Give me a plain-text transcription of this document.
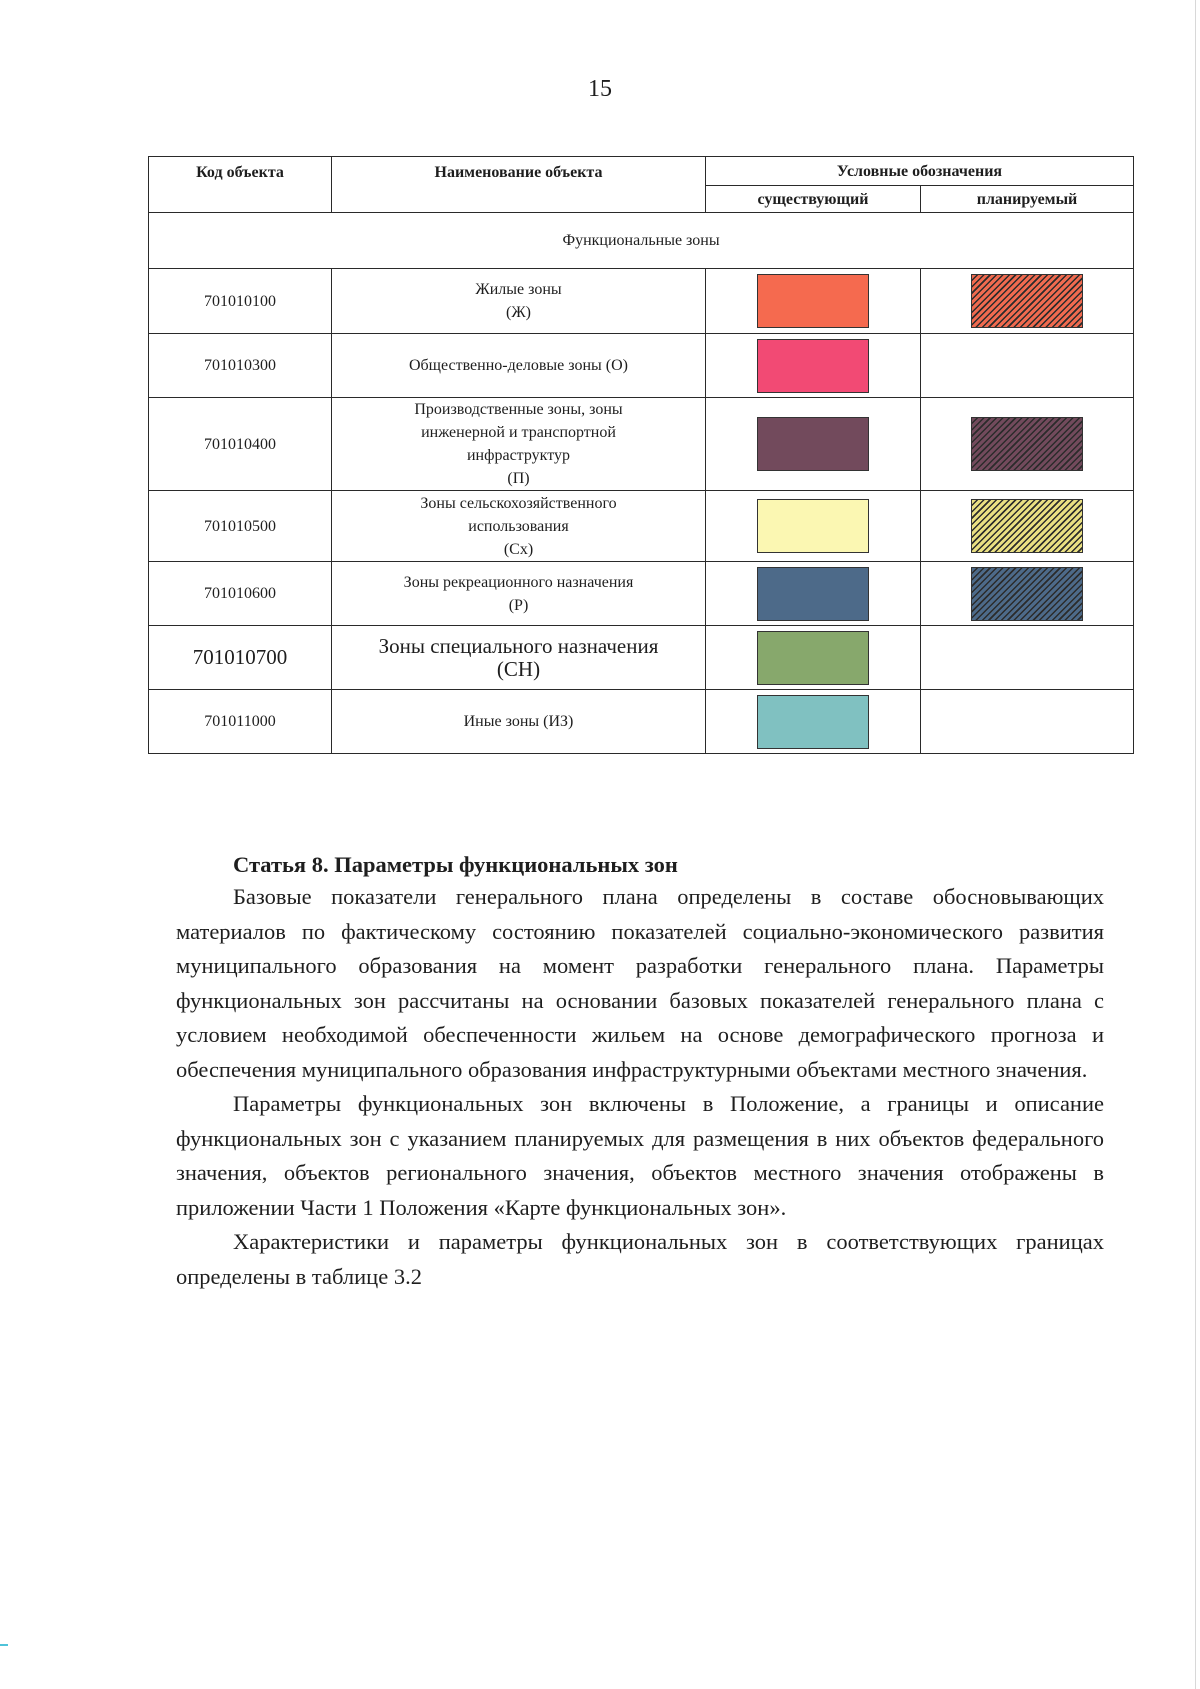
15
Код объекта	Наименование объекта	Условные обозначения	
		существующий	планируемый
Функциональные зоны			
701010100	Жилые зоны
(Ж)		
701010300	Общественно-деловые зоны (О)		
701010400	Производственные зоны, зоны
инженерной и транспортной
инфраструктур
(П)		
701010500	Зоны сельскохозяйственного
использования
(Сх)		
701010600	Зоны рекреационного назначения
(Р)		
701010700	Зоны специального назначения
(СН)		
701011000	Иные зоны (ИЗ)		
Статья 8. Параметры функциональных зон

Базовые показатели генерального плана определены в составе обосновывающих материалов по фактическому состоянию показателей социально-экономического развития муниципального образования на момент разработки генерального плана. Параметры функциональных зон рассчитаны на основании базовых показателей генерального плана с условием необходимой обеспеченности жильем на основе демографического прогноза и обеспечения муниципального образования инфраструктурными объектами местного значения.

Параметры функциональных зон включены в Положение, а границы и описание функциональных зон с указанием планируемых для размещения в них объектов федерального значения, объектов регионального значения, объектов местного значения отображены в приложении Части 1 Положения «Карте функциональных зон».

Характеристики и параметры функциональных зон в соответствующих границах определены в таблице 3.2
